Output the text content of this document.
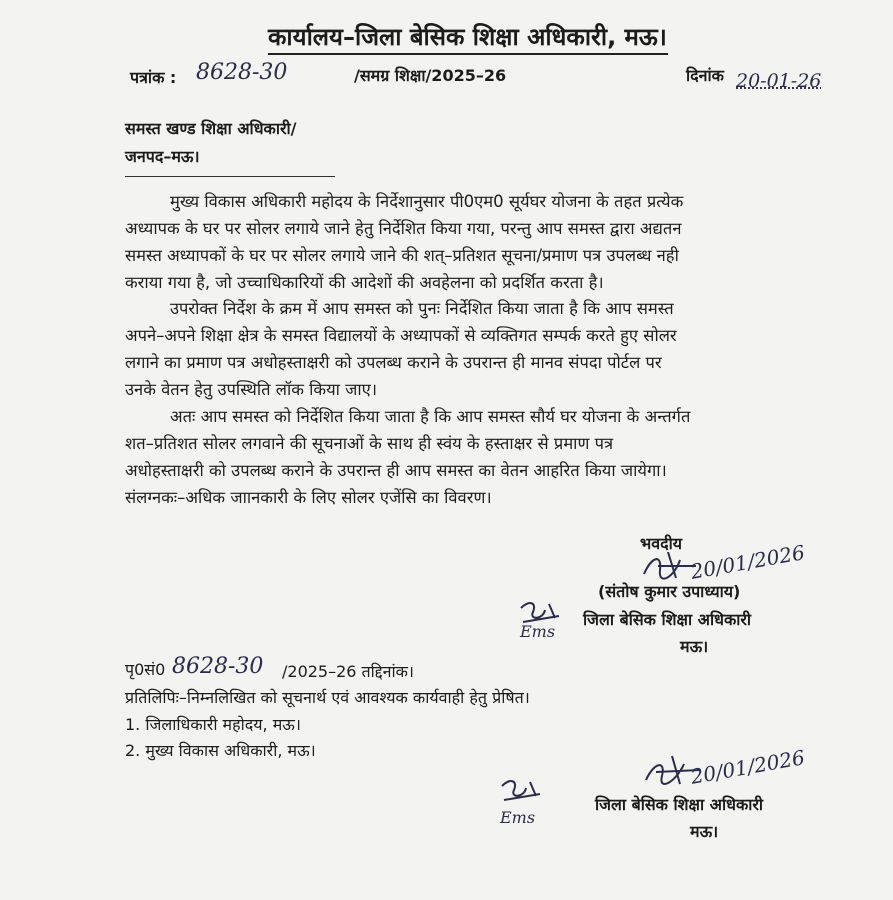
कार्यालय–जिला बेसिक शिक्षा अधिकारी, मऊ।
पत्रांक : 8628-30	/समग्र शिक्षा/2025–26	दिनांक 20-01-26
समस्त खण्ड शिक्षा अधिकारी/
जनपद–मऊ।

मुख्य विकास अधिकारी महोदय के निर्देशानुसार पी0एम0 सूर्यघर योजना के तहत प्रत्येक

अध्यापक के घर पर सोलर लगाये जाने हेतु निर्देशित किया गया, परन्तु आप समस्त द्वारा अद्यतन

समस्त अध्यापकों के घर पर सोलर लगाये जाने की शत्–प्रतिशत सूचना/प्रमाण पत्र उपलब्ध नही

कराया गया है, जो उच्चाधिकारियों की आदेशों की अवहेलना को प्रदर्शित करता है।

उपरोक्त निर्देश के क्रम में आप समस्त को पुनः निर्देशित किया जाता है कि आप समस्त

अपने–अपने शिक्षा क्षेत्र के समस्त विद्यालयों के अध्यापकों से व्यक्तिगत सम्पर्क करते हुए सोलर

लगाने का प्रमाण पत्र अधोहस्ताक्षरी को उपलब्ध कराने के उपरान्त ही मानव संपदा पोर्टल पर

उनके वेतन हेतु उपस्थिति लॉक किया जाए।

अतः आप समस्त को निर्देशित किया जाता है कि आप समस्त सौर्य घर योजना के अन्तर्गत

शत–प्रतिशत सोलर लगवाने की सूचनाओं के साथ ही स्वंय के हस्ताक्षर से प्रमाण पत्र

अधोहस्ताक्षरी को उपलब्ध कराने के उपरान्त ही आप समस्त का वेतन आहरित किया जायेगा।

संलग्नकः–अधिक जाानकारी के लिए सोलर एजेंसि का विवरण।

भवदीय 20/01/2026
(संतोष कुमार उपाध्याय)
Ems
जिला बेसिक शिक्षा अधिकारी
मऊ।
पृ0सं0 8628-30 /2025–26 तद्दिनांक।
प्रतिलिपिः–निम्नलिखित को सूचनार्थ एवं आवश्यक कार्यवाही हेतु प्रेषित।
1. जिलाधिकारी महोदय, मऊ।
2. मुख्य विकास अधिकारी, मऊ।	20/01/2026
Ems
जिला बेसिक शिक्षा अधिकारी
मऊ।
